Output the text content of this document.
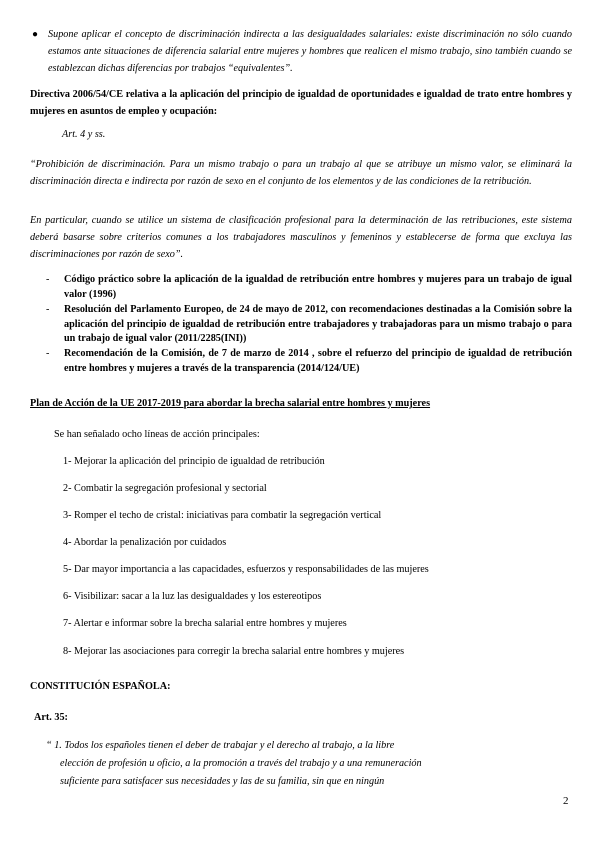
● Supone aplicar el concepto de discriminación indirecta a las desigualdades salariales: existe discriminación no sólo cuando estamos ante situaciones de diferencia salarial entre mujeres y hombres que realicen el mismo trabajo, sino también cuando se establezcan dichas diferencias por trabajos “equivalentes”.

Directiva 2006/54/CE relativa a la aplicación del principio de igualdad de oportunidades e igualdad de trato entre hombres y mujeres en asuntos de empleo y ocupación:

Art. 4 y ss.

“Prohibición de discriminación. Para un mismo trabajo o para un trabajo al que se atribuye un mismo valor, se eliminará la discriminación directa e indirecta por razón de sexo en el conjunto de los elementos y de las condiciones de la retribución.

En particular, cuando se utilice un sistema de clasificación profesional para la determinación de las retribuciones, este sistema deberá basarse sobre criterios comunes a los trabajadores masculinos y femeninos y establecerse de forma que excluya las discriminaciones por razón de sexo”.

- Código práctico sobre la aplicación de la igualdad de retribución entre hombres y mujeres para un trabajo de igual valor (1996)
- Resolución del Parlamento Europeo, de 24 de mayo de 2012, con recomendaciones destinadas a la Comisión sobre la aplicación del principio de igualdad de retribución entre trabajadores y trabajadoras para un mismo trabajo o para un trabajo de igual valor (2011/2285(INI))
- Recomendación de la Comisión, de 7 de marzo de 2014 , sobre el refuerzo del principio de igualdad de retribución entre hombres y mujeres a través de la transparencia (2014/124/UE)
Plan de Acción de la UE 2017-2019 para abordar la brecha salarial entre hombres y mujeres
Se han señalado ocho líneas de acción principales:
1- Mejorar la aplicación del principio de igualdad de retribución
2- Combatir la segregación profesional y sectorial
3- Romper el techo de cristal: iniciativas para combatir la segregación vertical
4- Abordar la penalización por cuidados
5- Dar mayor importancia a las capacidades, esfuerzos y responsabilidades de las mujeres
6- Visibilizar: sacar a la luz las desigualdades y los estereotipos
7- Alertar e informar sobre la brecha salarial entre hombres y mujeres
8- Mejorar las asociaciones para corregir la brecha salarial entre hombres y mujeres
CONSTITUCIÓN ESPAÑOLA:
Art. 35:
“ 1. Todos los españoles tienen el deber de trabajar y el derecho al trabajo, a la libre
elección de profesión u oficio, a la promoción a través del trabajo y a una remuneración
suficiente para satisfacer sus necesidades y las de su familia, sin que en ningún
2
